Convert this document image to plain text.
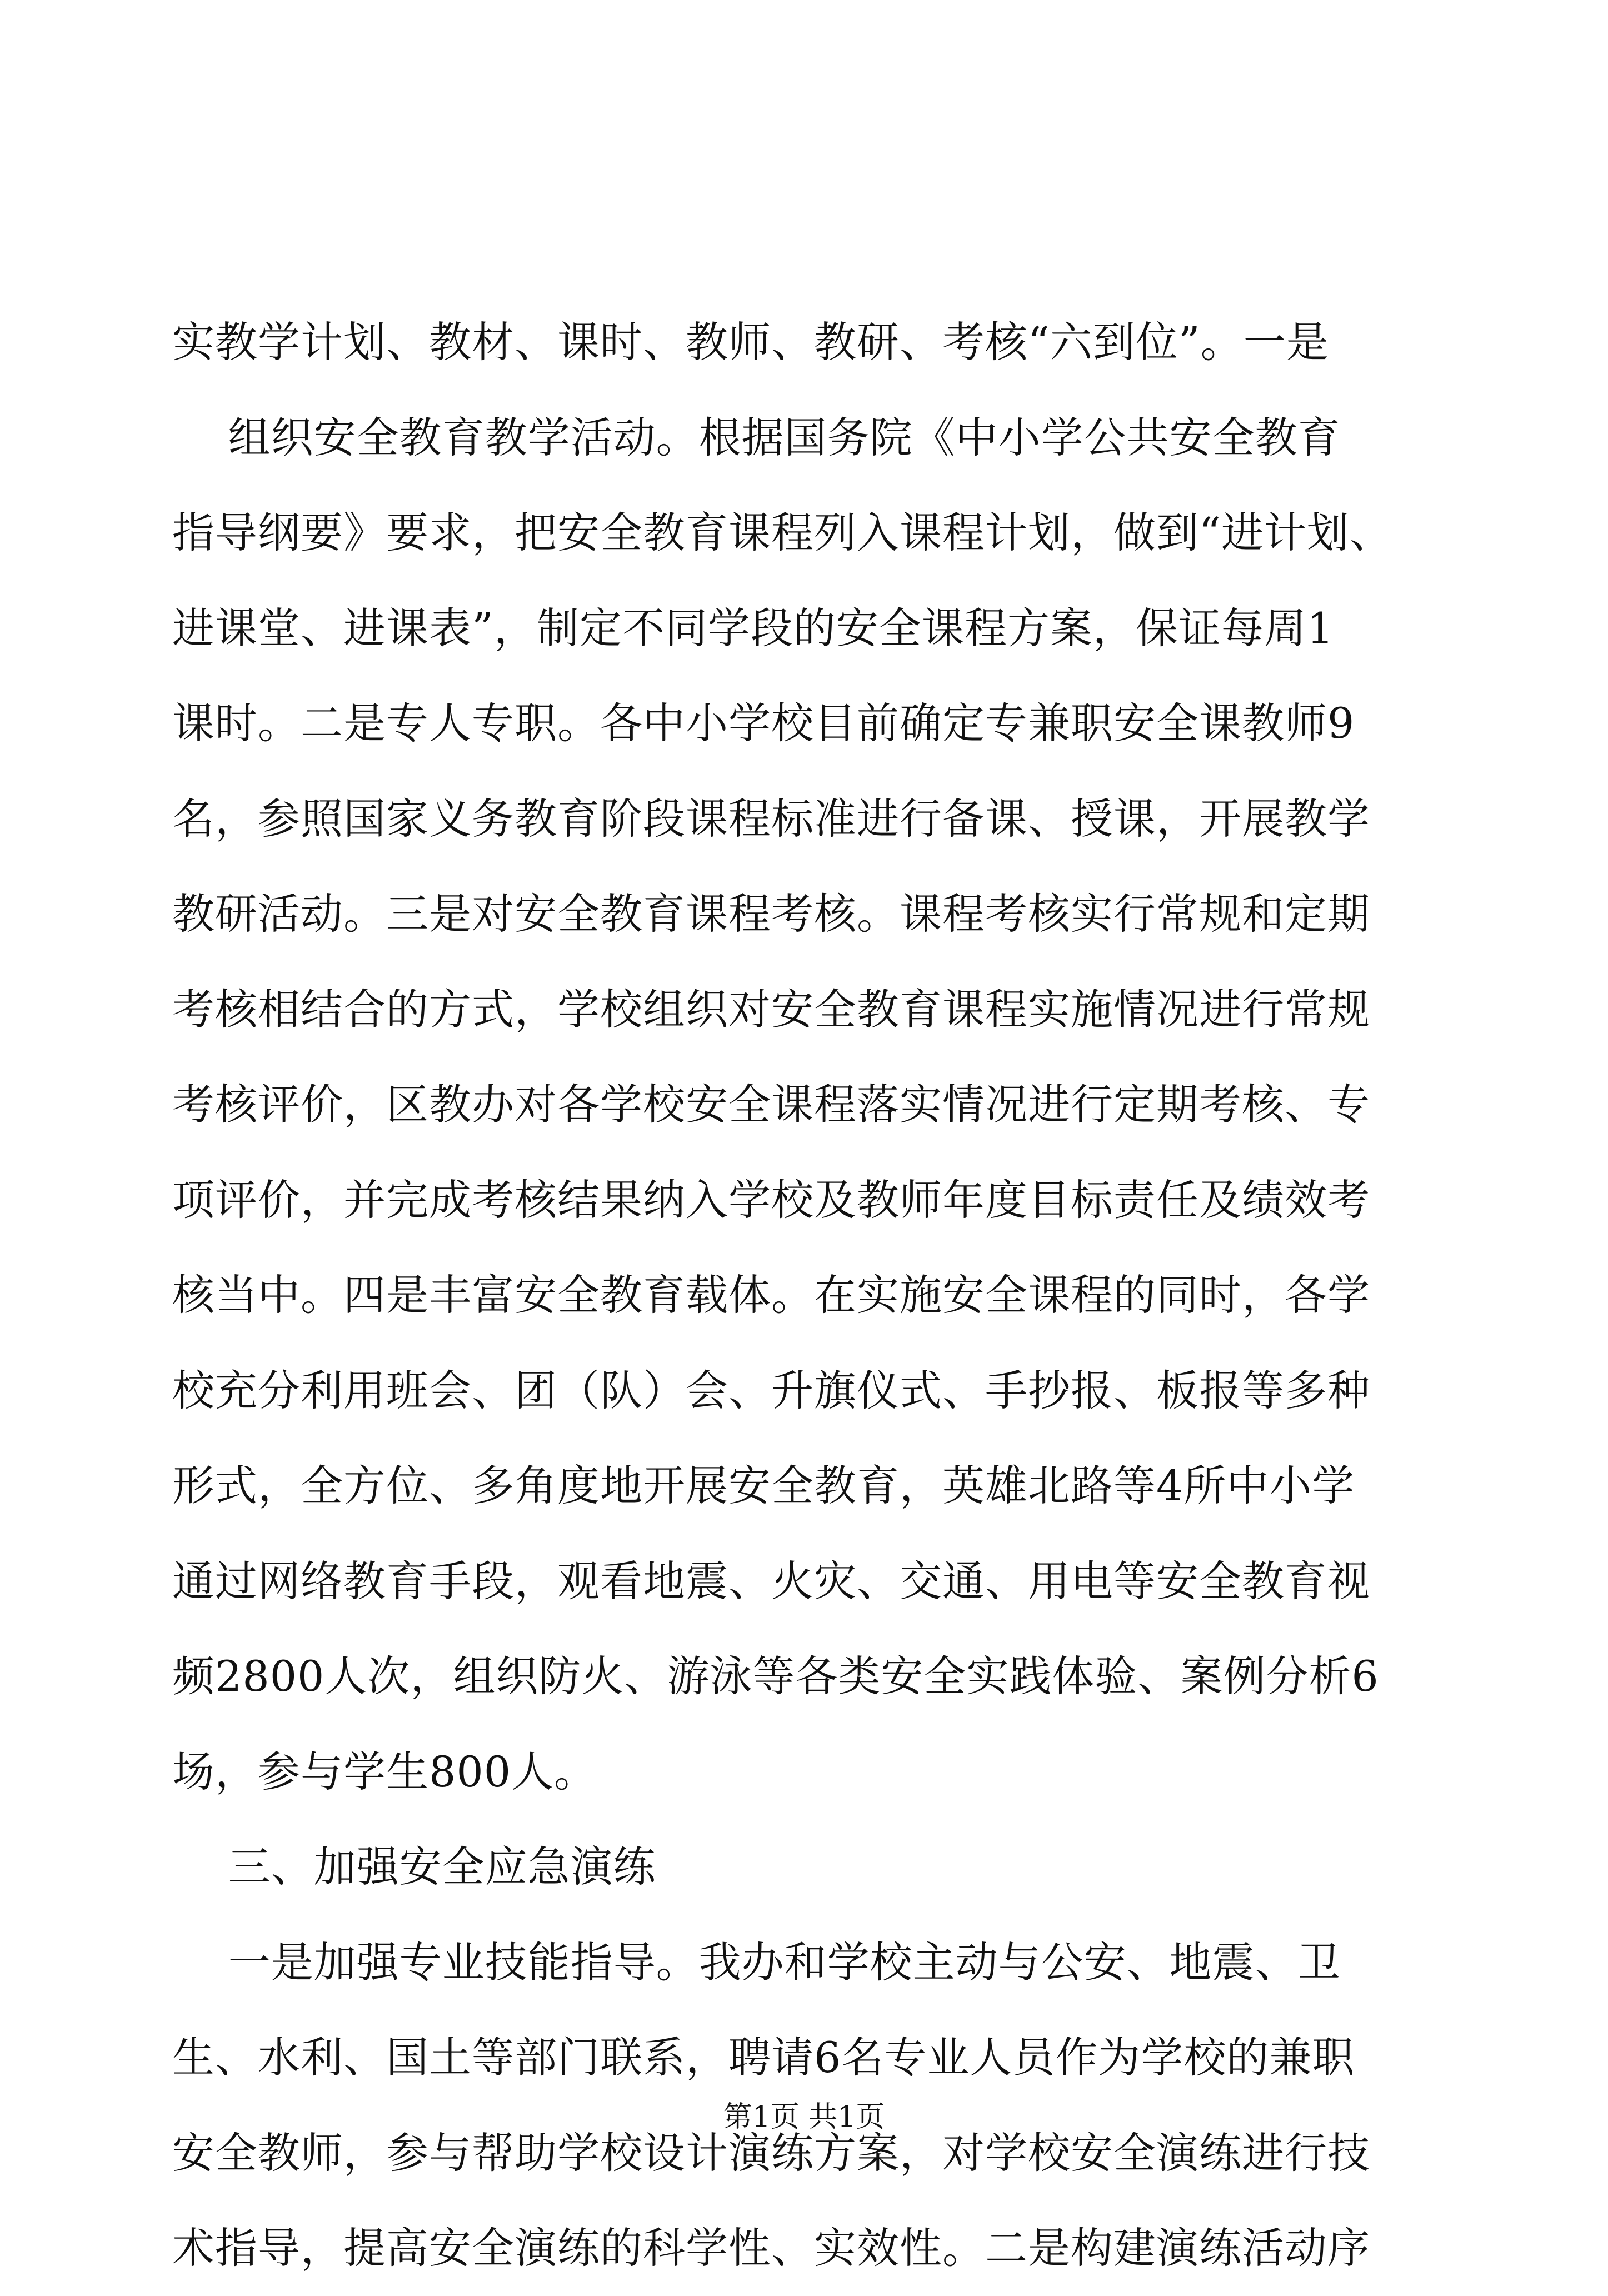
实教学计划、教材、课时、教师、教研、考核“六到位”。一是
组织安全教育教学活动。根据国务院《中小学公共安全教育
指导纲要》要求，把安全教育课程列入课程计划，做到“进计划、
进课堂、进课表”，制定不同学段的安全课程方案，保证每周1
课时。二是专人专职。各中小学校目前确定专兼职安全课教师9
名，参照国家义务教育阶段课程标准进行备课、授课，开展教学
教研活动。三是对安全教育课程考核。课程考核实行常规和定期
考核相结合的方式，学校组织对安全教育课程实施情况进行常规
考核评价，区教办对各学校安全课程落实情况进行定期考核、专
项评价，并完成考核结果纳入学校及教师年度目标责任及绩效考
核当中。四是丰富安全教育载体。在实施安全课程的同时，各学
校充分利用班会、团（队）会、升旗仪式、手抄报、板报等多种
形式，全方位、多角度地开展安全教育，英雄北路等4所中小学
通过网络教育手段，观看地震、火灾、交通、用电等安全教育视
频2800人次，组织防火、游泳等各类安全实践体验、案例分析6
场，参与学生800人。
三、加强安全应急演练
一是加强专业技能指导。我办和学校主动与公安、地震、卫
生、水利、国土等部门联系，聘请6名专业人员作为学校的兼职
安全教师，参与帮助学校设计演练方案，对学校安全演练进行技
术指导，提高安全演练的科学性、实效性。二是构建演练活动序
第1页 共1页
